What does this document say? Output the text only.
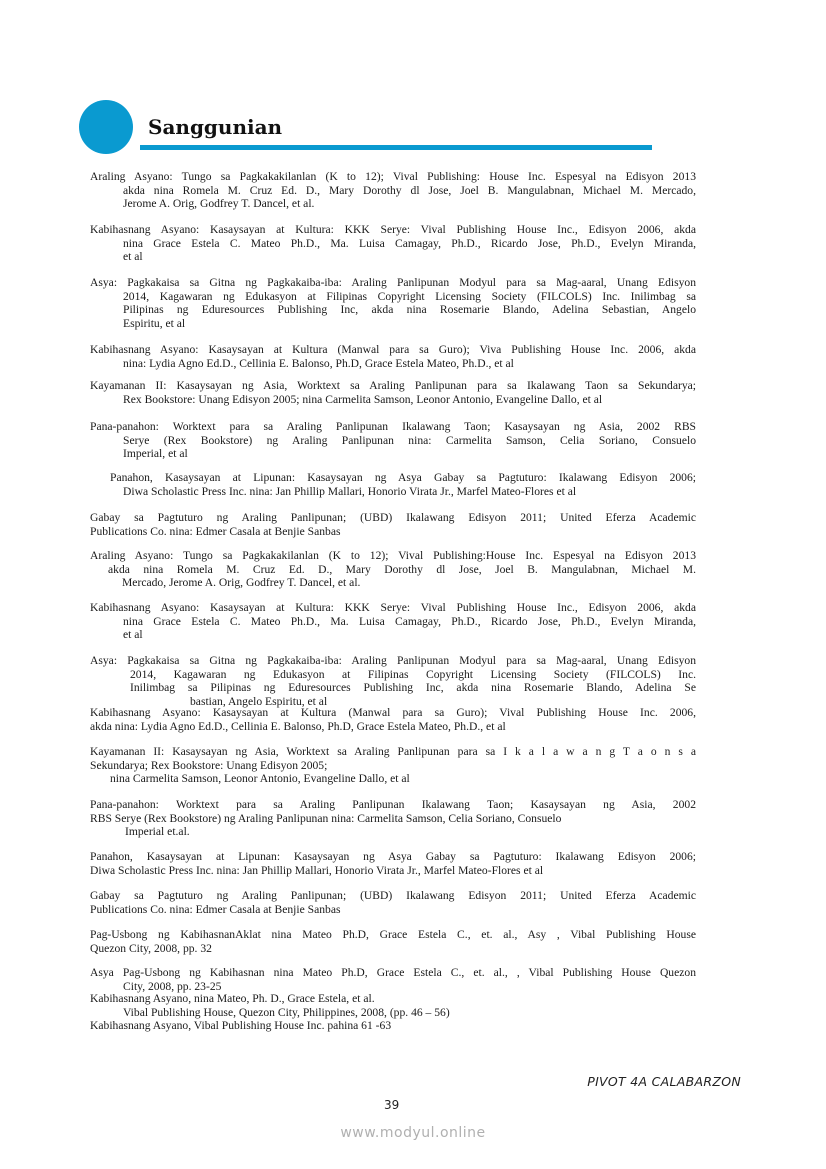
Sanggunian
Araling Asyano: Tungo sa Pagkakakilanlan (K to 12); Vival Publishing: House Inc. Espesyal na Edisyon 2013
akda nina Romela M. Cruz Ed. D., Mary Dorothy dl Jose, Joel B. Mangulabnan, Michael M. Mercado,
Jerome A. Orig, Godfrey T. Dancel, et al.
Kabihasnang Asyano: Kasaysayan at Kultura: KKK Serye: Vival Publishing House Inc., Edisyon 2006, akda
nina Grace Estela C. Mateo Ph.D., Ma. Luisa Camagay, Ph.D., Ricardo Jose, Ph.D., Evelyn Miranda,
et al
Asya: Pagkakaisa sa Gitna ng Pagkakaiba-iba: Araling Panlipunan Modyul para sa Mag-aaral, Unang Edisyon
2014, Kagawaran ng Edukasyon at Filipinas Copyright Licensing Society (FILCOLS) Inc. Inilimbag sa
Pilipinas ng Eduresources Publishing Inc, akda nina Rosemarie Blando, Adelina Sebastian, Angelo
Espiritu, et al
Kabihasnang Asyano: Kasaysayan at Kultura (Manwal para sa Guro); Viva Publishing House Inc. 2006, akda
nina: Lydia Agno Ed.D., Cellinia E. Balonso, Ph.D, Grace Estela Mateo, Ph.D., et al
Kayamanan II: Kasaysayan ng Asia, Worktext sa Araling Panlipunan para sa Ikalawang Taon sa Sekundarya;
Rex Bookstore: Unang Edisyon 2005; nina Carmelita Samson, Leonor Antonio, Evangeline Dallo, et al
Pana-panahon: Worktext para sa Araling Panlipunan Ikalawang Taon; Kasaysayan ng Asia, 2002 RBS
Serye (Rex Bookstore) ng Araling Panlipunan nina: Carmelita Samson, Celia Soriano, Consuelo
Imperial, et al
Panahon, Kasaysayan at Lipunan: Kasaysayan ng Asya Gabay sa Pagtuturo: Ikalawang Edisyon 2006;
Diwa Scholastic Press Inc. nina: Jan Phillip Mallari, Honorio Virata Jr., Marfel Mateo-Flores et al
Gabay sa Pagtuturo ng Araling Panlipunan; (UBD) Ikalawang Edisyon 2011; United Eferza Academic
Publications Co. nina: Edmer Casala at Benjie Sanbas
Araling Asyano: Tungo sa Pagkakakilanlan (K to 12); Vival Publishing:House Inc. Espesyal na Edisyon 2013
akda nina Romela M. Cruz Ed. D., Mary Dorothy dl Jose, Joel B. Mangulabnan, Michael M.
Mercado, Jerome A. Orig, Godfrey T. Dancel, et al.
Kabihasnang Asyano: Kasaysayan at Kultura: KKK Serye: Vival Publishing House Inc., Edisyon 2006, akda
nina Grace Estela C. Mateo Ph.D., Ma. Luisa Camagay, Ph.D., Ricardo Jose, Ph.D., Evelyn Miranda,
et al
Asya: Pagkakaisa sa Gitna ng Pagkakaiba-iba: Araling Panlipunan Modyul para sa Mag-aaral, Unang Edisyon
2014, Kagawaran ng Edukasyon at Filipinas Copyright Licensing Society (FILCOLS) Inc.
Inilimbag sa Pilipinas ng Eduresources Publishing Inc, akda nina Rosemarie Blando, Adelina Se
bastian, Angelo Espiritu, et al
Kabihasnang Asyano: Kasaysayan at Kultura (Manwal para sa Guro); Vival Publishing House Inc. 2006,
akda nina: Lydia Agno Ed.D., Cellinia E. Balonso, Ph.D, Grace Estela Mateo, Ph.D., et al
Kayamanan II: Kasaysayan ng Asia, Worktext sa Araling Panlipunan para sa I k a l a w a n g T a o n s a
Sekundarya; Rex Bookstore: Unang Edisyon 2005;
nina Carmelita Samson, Leonor Antonio, Evangeline Dallo, et al
Pana-panahon: Worktext para sa Araling Panlipunan Ikalawang Taon; Kasaysayan ng Asia, 2002
RBS Serye (Rex Bookstore) ng Araling Panlipunan nina: Carmelita Samson, Celia Soriano, Consuelo
Imperial et.al.
Panahon, Kasaysayan at Lipunan: Kasaysayan ng Asya Gabay sa Pagtuturo: Ikalawang Edisyon 2006;
Diwa Scholastic Press Inc. nina: Jan Phillip Mallari, Honorio Virata Jr., Marfel Mateo-Flores et al
Gabay sa Pagtuturo ng Araling Panlipunan; (UBD) Ikalawang Edisyon 2011; United Eferza Academic
Publications Co. nina: Edmer Casala at Benjie Sanbas
Pag-Usbong ng KabihasnanAklat nina Mateo Ph.D, Grace Estela C., et. al., Asy , Vibal Publishing House
Quezon City, 2008, pp. 32
Asya Pag-Usbong ng Kabihasnan nina Mateo Ph.D, Grace Estela C., et. al., , Vibal Publishing House Quezon
City, 2008, pp. 23-25
Kabihasnang Asyano, nina Mateo, Ph. D., Grace Estela, et al.
Vibal Publishing House, Quezon City, Philippines, 2008, (pp. 46 – 56)
Kabihasnang Asyano, Vibal Publishing House Inc. pahina 61 -63
PIVOT 4A CALABARZON
39
www.modyul.online
